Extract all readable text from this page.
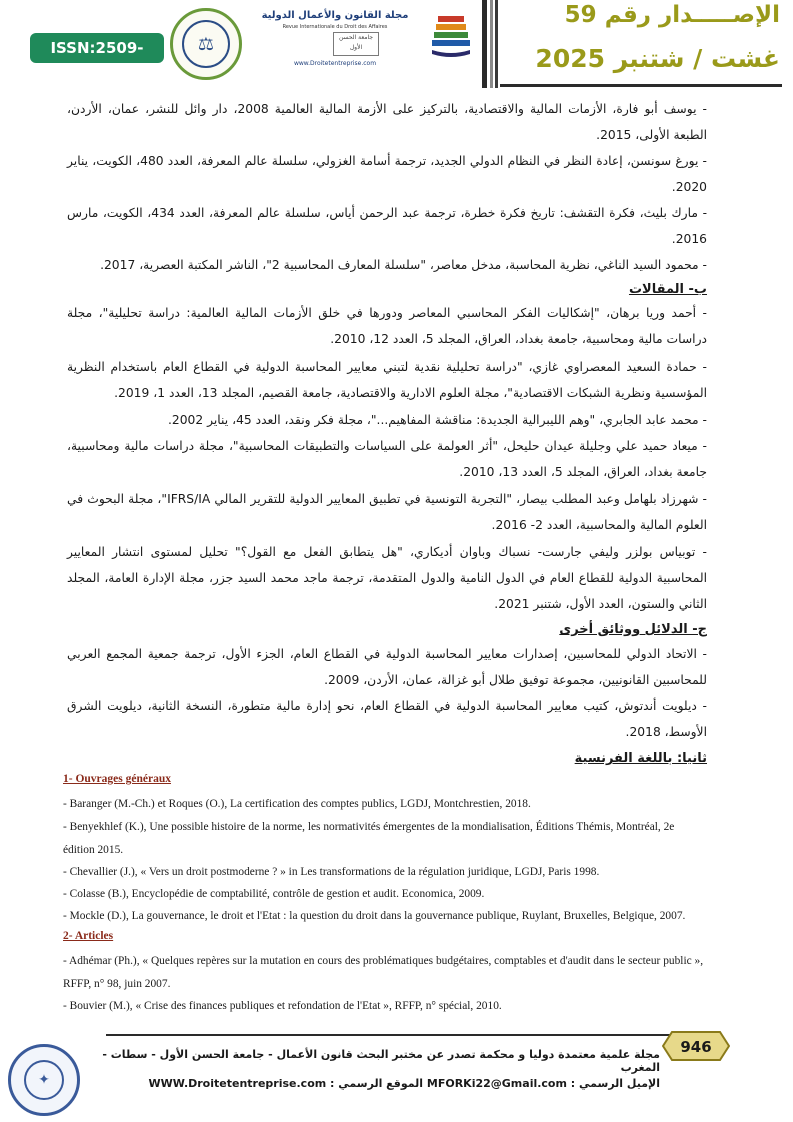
ISSN:2509-0291
⚖
مجلة القانون والأعمال الدولية
Revue Internationale du Droit des Affaires
جامعة الحسن الأول
www.Droitetentreprise.com
الإصـــــدار رقم 59
غشت / شتنبر 2025

- يوسف أبو فارة، الأزمات المالية والاقتصادية، بالتركيز على الأزمة المالية العالمية 2008، دار وائل للنشر، عمان، الأردن، الطبعة الأولى، 2015.

- يورغ سونسن، إعادة النظر في النظام الدولي الجديد، ترجمة أسامة الغزولي، سلسلة عالم المعرفة، العدد 480، الكويت، يناير 2020.

- مارك بليث، فكرة التقشف: تاريخ فكرة خطرة، ترجمة عبد الرحمن أياس، سلسلة عالم المعرفة، العدد 434، الكويت، مارس 2016.

- محمود السيد الناغي، نظرية المحاسبة، مدخل معاصر، "سلسلة المعارف المحاسبية 2"، الناشر المكتبة العصرية، 2017.

ب- المقالات

- أحمد وريا برهان، "إشكاليات الفكر المحاسبي المعاصر ودورها في خلق الأزمات المالية العالمية: دراسة تحليلية"، مجلة دراسات مالية ومحاسبية، جامعة بغداد، العراق، المجلد 5، العدد 12، 2010.

- حمادة السعيد المعصراوي غازي، "دراسة تحليلية نقدية لتبني معايير المحاسبة الدولية في القطاع العام باستخدام النظرية المؤسسية ونظرية الشبكات الاقتصادية"، مجلة العلوم الادارية والاقتصادية، جامعة القصيم، المجلد 13، العدد 1، 2019.

- محمد عابد الجابري، "وهم الليبرالية الجديدة: مناقشة المفاهيم..."، مجلة فكر ونقد، العدد 45، يناير 2002.

- ميعاد حميد علي وجليلة عيدان حليحل، "أثر العولمة على السياسات والتطبيقات المحاسبية"، مجلة دراسات مالية ومحاسبية، جامعة بغداد، العراق، المجلد 5، العدد 13، 2010.

- شهرزاد بلهامل وعبد المطلب بيصار، "التجربة التونسية في تطبيق المعايير الدولية للتقرير المالي IFRS/IA"، مجلة البحوث في العلوم المالية والمحاسبية، العدد 2- 2016.

- توبياس بولزر وليفي جارست- نسباك وباوان أديكاري، "هل يتطابق الفعل مع القول؟" تحليل لمستوى انتشار المعايير المحاسبية الدولية للقطاع العام في الدول النامية والدول المتقدمة، ترجمة ماجد محمد السيد جزر، مجلة الإدارة العامة، المجلد الثاني والستون، العدد الأول، شتنبر 2021.

ج- الدلائل ووثائق أخرى

- الاتحاد الدولي للمحاسبين، إصدارات معايير المحاسبة الدولية في القطاع العام، الجزء الأول، ترجمة جمعية المجمع العربي للمحاسبين القانونيين، مجموعة توفيق طلال أبو غزالة، عمان، الأردن، 2009.

- ديلويت أندتوش، كتيب معايير المحاسبة الدولية في القطاع العام، نحو إدارة مالية متطورة، النسخة الثانية، ديلويت الشرق الأوسط، 2018.

ثانيا: باللغة الفرنسية
1- Ouvrages généraux

- Baranger (M.-Ch.) et Roques (O.), La certification des comptes publics, LGDJ, Montchrestien, 2018.

- Benyekhlef (K.), Une possible histoire de la norme, les normativités émergentes de la mondialisation, Éditions Thémis, Montréal, 2e édition 2015.

- Chevallier (J.), « Vers un droit postmoderne ? » in Les transformations de la régulation juridique, LGDJ, Paris 1998.

- Colasse (B.), Encyclopédie de comptabilité, contrôle de gestion et audit. Economica, 2009.

- Mockle (D.), La gouvernance, le droit et l'Etat : la question du droit dans la gouvernance publique, Ruylant, Bruxelles, Belgique, 2007.

2- Articles

- Adhémar (Ph.), « Quelques repères sur la mutation en cours des problématiques budgétaires, comptables et d'audit dans le secteur public », RFFP, n° 98, juin 2007.

- Bouvier (M.), « Crise des finances publiques et refondation de l'Etat », RFFP, n° spécial, 2010.

946
مجلة علمية معتمدة دوليا و محكمة تصدر عن مختبر البحث قانون الأعمال - جامعة الحسن الأول - سطات - المغرب
الإميل الرسمي : MFORKi22@Gmail.com الموقع الرسمي : WWW.Droitetentreprise.com
✦
